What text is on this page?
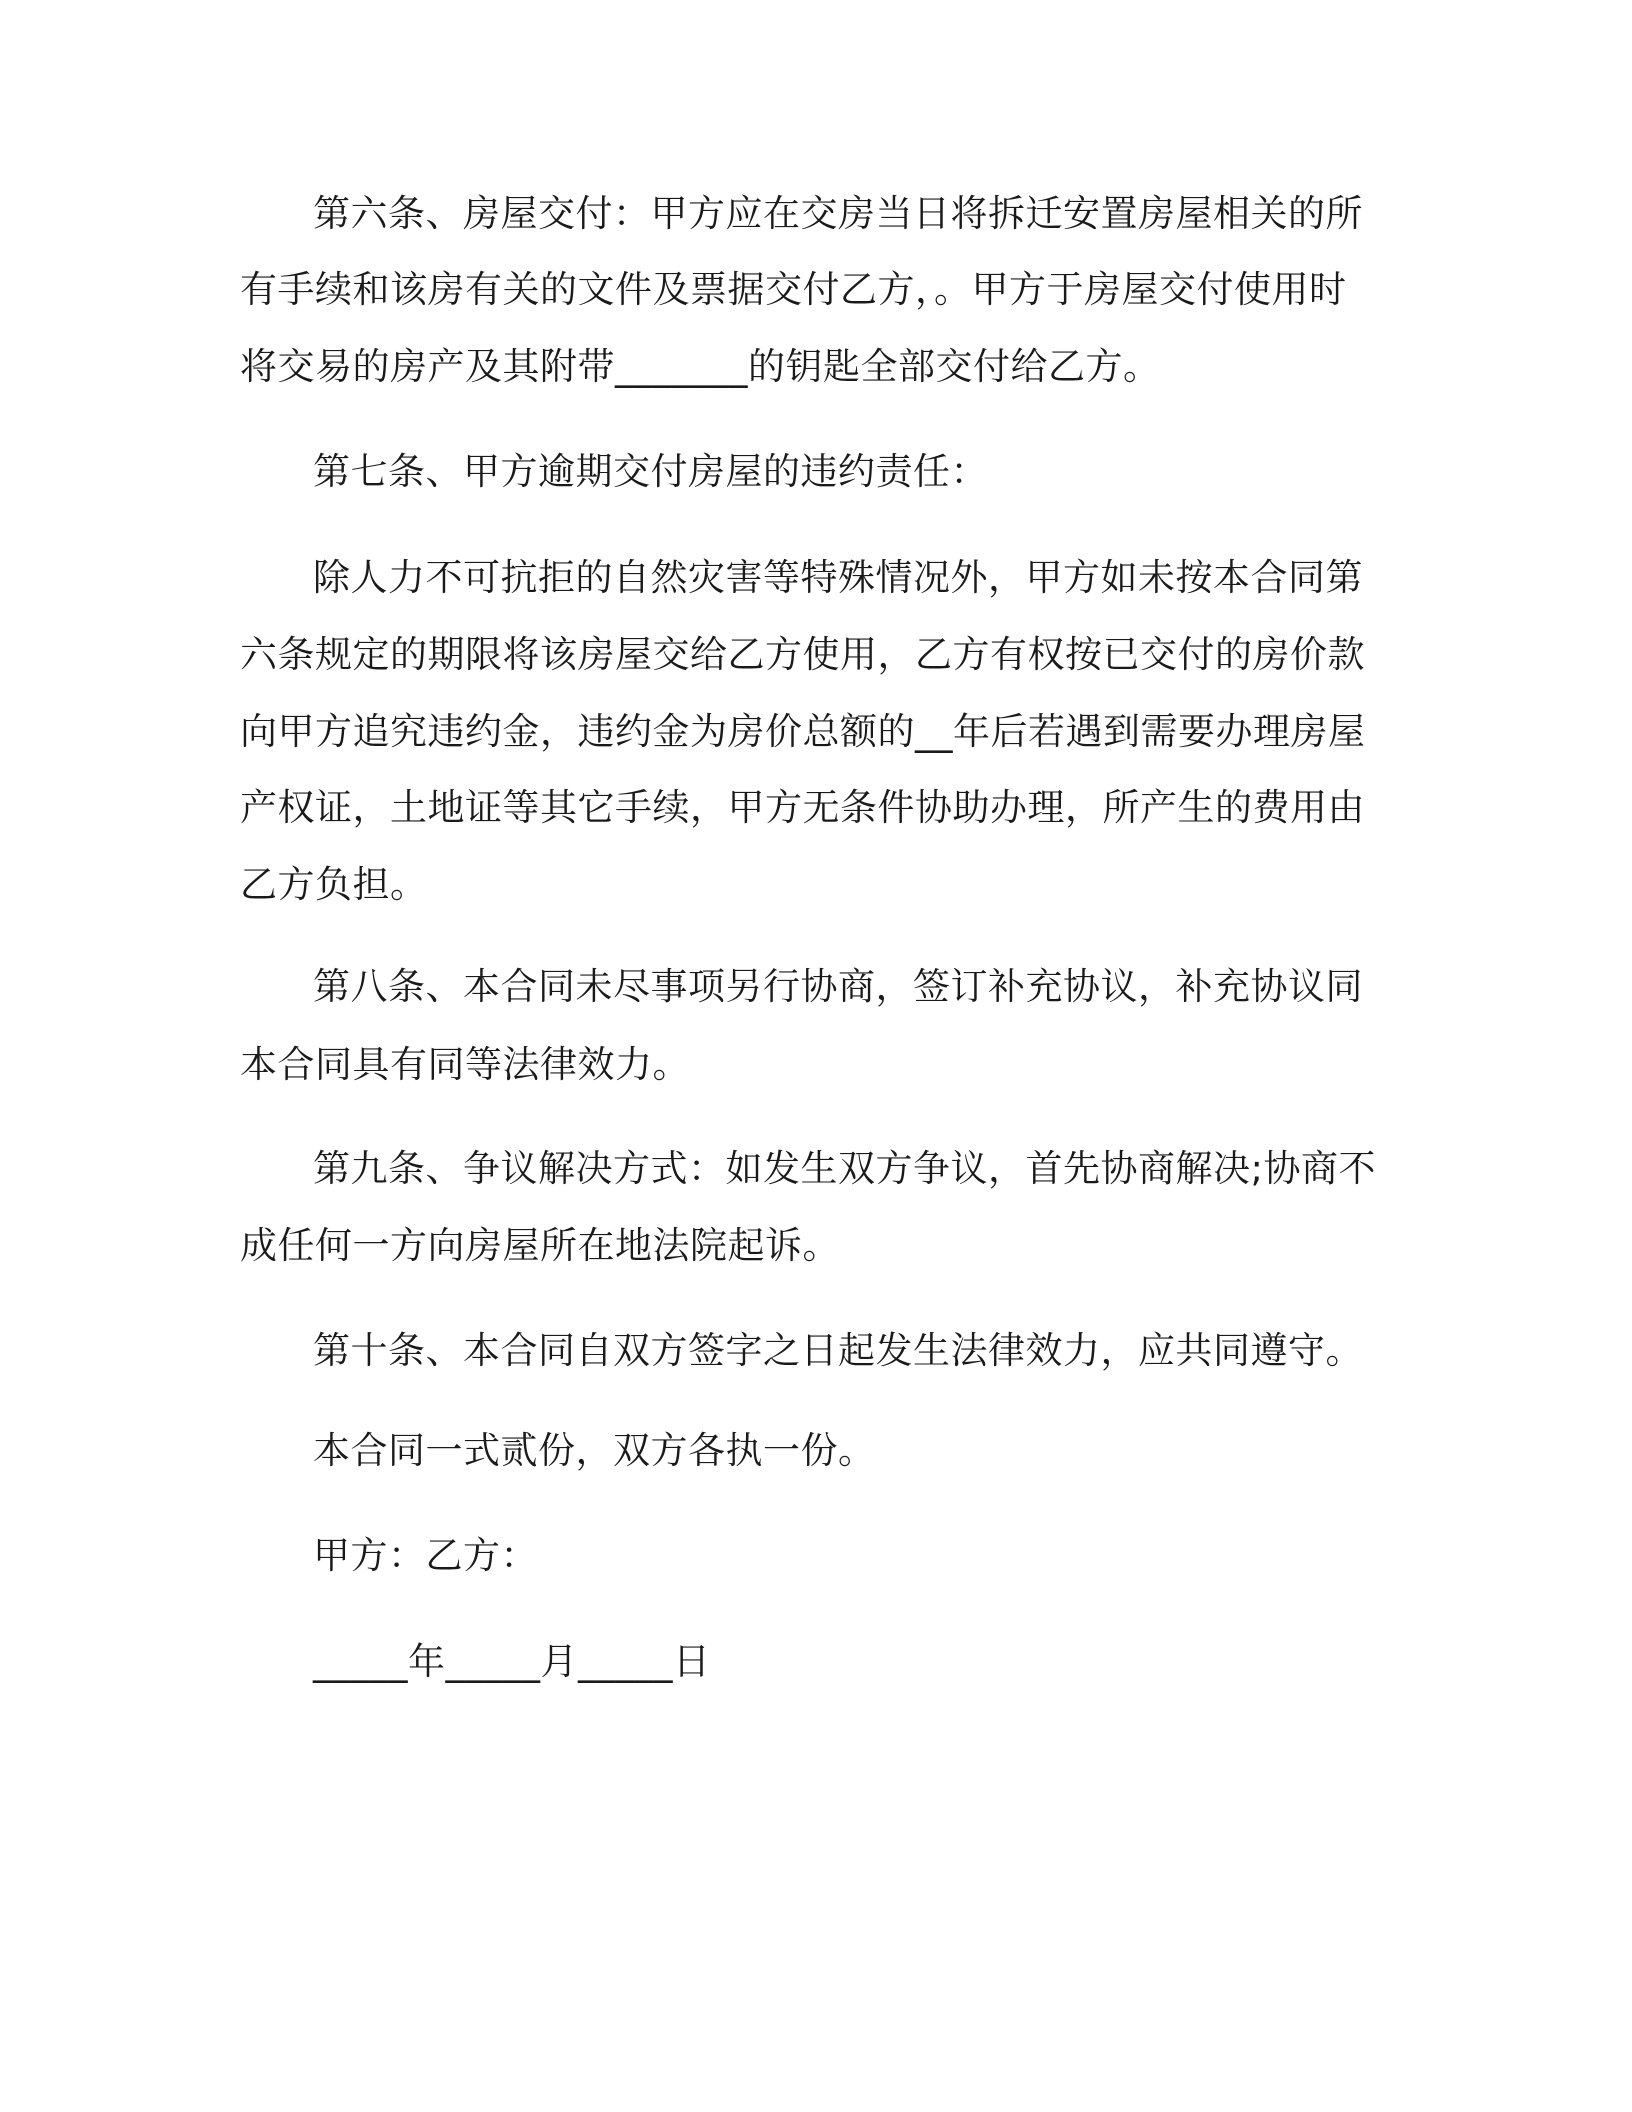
第六条、房屋交付：甲方应在交房当日将拆迁安置房屋相关的所
有手续和该房有关的文件及票据交付乙方，。甲方于房屋交付使用时
将交易的房产及其附带_______的钥匙全部交付给乙方。
第七条、甲方逾期交付房屋的违约责任：
除人力不可抗拒的自然灾害等特殊情况外，甲方如未按本合同第
六条规定的期限将该房屋交给乙方使用，乙方有权按已交付的房价款
向甲方追究违约金，违约金为房价总额的__年后若遇到需要办理房屋
产权证，土地证等其它手续，甲方无条件协助办理，所产生的费用由
乙方负担。
第八条、本合同未尽事项另行协商，签订补充协议，补充协议同
本合同具有同等法律效力。
第九条、争议解决方式：如发生双方争议，首先协商解决;协商不
成任何一方向房屋所在地法院起诉。
第十条、本合同自双方签字之日起发生法律效力，应共同遵守。
本合同一式贰份，双方各执一份。
甲方：乙方：
_____年_____月_____日
